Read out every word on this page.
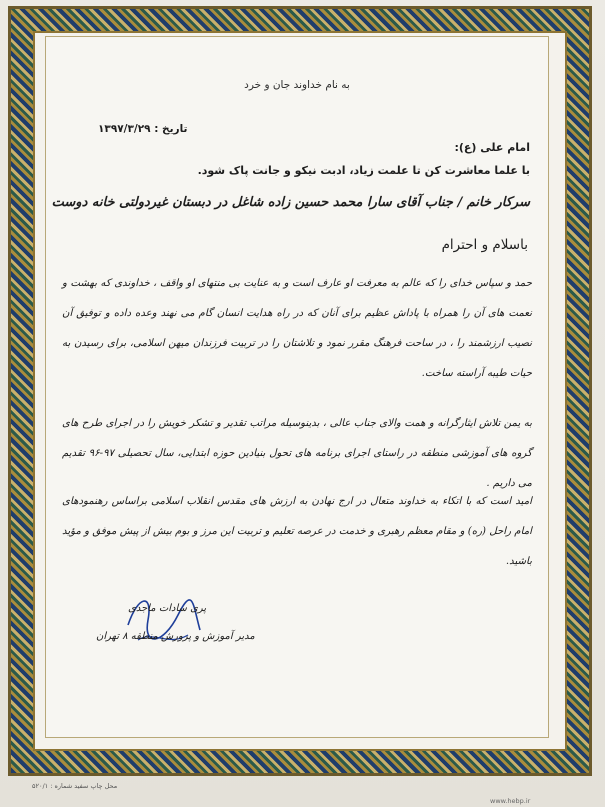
به نام خداوند جان و خرد
تاریخ : ۱۳۹۷/۳/۲۹
امام علی (ع):
با علما معاشرت کن تا علمت زیاد، ادبت نیکو و جانت پاک شود.
سرکار خانم / جناب آقای سارا محمد حسین زاده شاغل در دبستان غیردولتی خانه دوست
باسلام و احترام
حمد و سپاس خدای را که عالم به معرفت او عارف است و به عنایت بی منتهای او واقف ، خداوندی که بهشت و نعمت های آن را همراه با پاداش عظیم برای آنان که در راه هدایت انسان گام می نهند وعده داده و توفیق آن نصیب ارزشمند را ، در ساحت فرهنگ مقرر نمود و تلاشتان را در تربیت فرزندان میهن اسلامی، برای رسیدن به حیات طیبه آراسته ساخت.
به یمن تلاش ایثارگرانه و همت والای جناب عالی ، بدینوسیله مراتب تقدیر و تشکر خویش را در اجرای طرح های گروه های آموزشی منطقه در راستای اجرای برنامه های تحول بنیادین حوزه ابتدایی، سال تحصیلی ۹۷-۹۶ تقدیم می داریم .
امید است که با اتکاء به خداوند متعال در ارج نهادن به ارزش های مقدس انقلاب اسلامی براساس رهنمودهای امام راحل (ره) و مقام معظم رهبری و خدمت در عرصه تعلیم و تربیت این مرز و بوم بیش از پیش موفق و مؤید باشید.
پری سادات ماجدی
مدیر آموزش و پرورش منطقه ۸ تهران
محل چاپ سفید شماره : ۵۲۰/۱
www.hebp.ir
